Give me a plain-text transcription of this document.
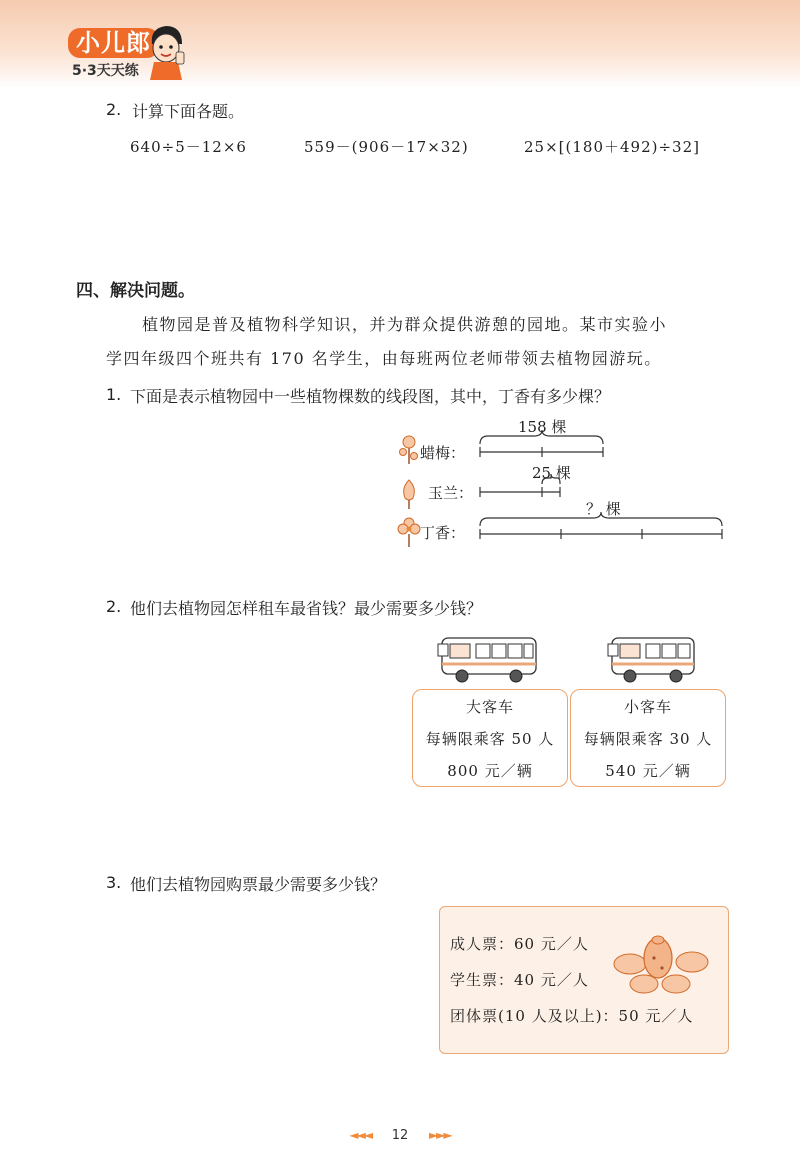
小儿郎
5·3天天练
2. 计算下面各题。
640÷5－12×6	559－(906－17×32)	25×[(180＋492)÷32]
四、解决问题。
植物园是普及植物科学知识，并为群众提供游憩的园地。某市实验小
学四年级四个班共有 170 名学生，由每班两位老师带领去植物园游玩。
1. 下面是表示植物园中一些植物棵数的线段图，其中，丁香有多少棵？
蜡梅：
玉兰：
丁香：
158 棵
25 棵
？ 棵
2. 他们去植物园怎样租车最省钱？最少需要多少钱？
大客车
每辆限乘客 50 人
800 元／辆
小客车
每辆限乘客 30 人
540 元／辆
3. 他们去植物园购票最少需要多少钱？
成人票：60 元／人
学生票：40 元／人
团体票(10 人及以上)：50 元／人
◄◄◄ 12 ►►►
